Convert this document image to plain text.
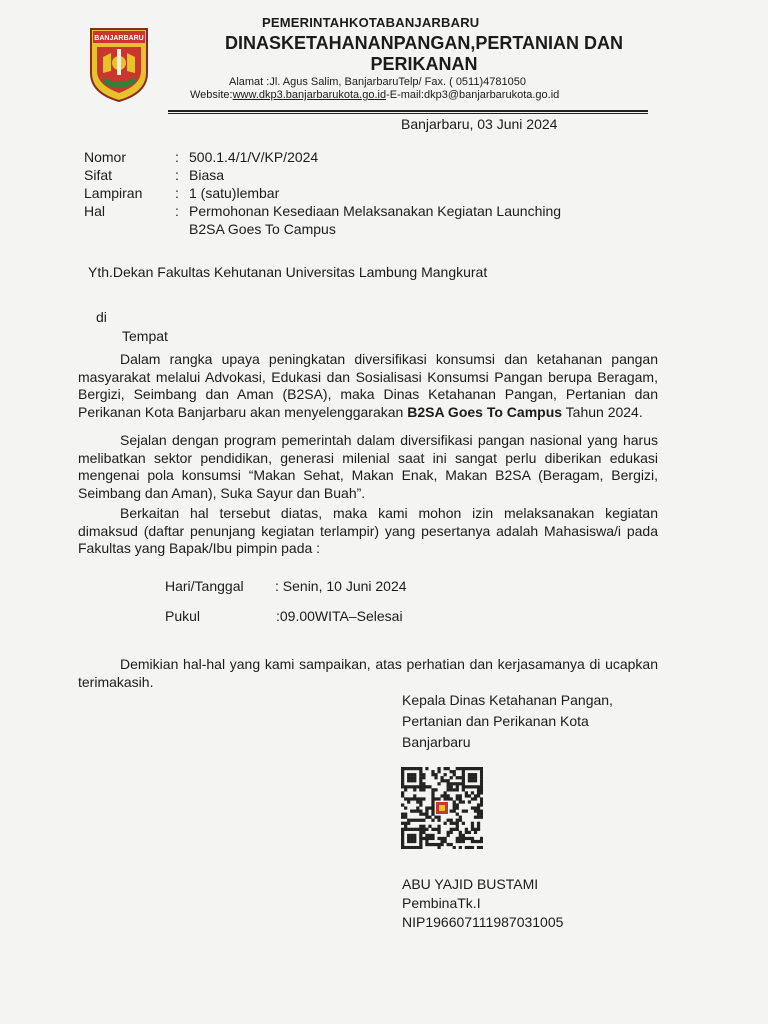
BANJARBARU
PEMERINTAHKOTABANJARBARU
DINASKETAHANANPANGAN,PERTANIAN DAN PERIKANAN
Alamat :Jl. Agus Salim, BanjarbaruTelp/ Fax. ( 0511)4781050
Website:www.dkp3.banjarbarukota.go.id-E-mail:dkp3@banjarbarukota.go.id
Banjarbaru, 03 Juni 2024
Nomor	: 500.1.4/1/V/KP/2024
Sifat	: Biasa
Lampiran : 1 (satu)lembar
Hal	: Permohonan Kesediaan Melaksanakan Kegiatan Launching
B2SA Goes To Campus
Yth.Dekan Fakultas Kehutanan Universitas Lambung Mangkurat
di
Tempat
Dalam rangka upaya peningkatan diversifikasi konsumsi dan ketahanan pangan masyarakat melalui Advokasi, Edukasi dan Sosialisasi Konsumsi Pangan berupa Beragam, Bergizi, Seimbang dan Aman (B2SA), maka Dinas Ketahanan Pangan, Pertanian dan Perikanan Kota Banjarbaru akan menyelenggarakan B2SA Goes To Campus Tahun 2024.
Sejalan dengan program pemerintah dalam diversifikasi pangan nasional yang harus melibatkan sektor pendidikan, generasi milenial saat ini sangat perlu diberikan edukasi mengenai pola konsumsi “Makan Sehat, Makan Enak, Makan B2SA (Beragam, Bergizi, Seimbang dan Aman), Suka Sayur dan Buah”.
Berkaitan hal tersebut diatas, maka kami mohon izin melaksanakan kegiatan dimaksud (daftar penunjang kegiatan terlampir) yang pesertanya adalah Mahasiswa/i pada Fakultas yang Bapak/Ibu pimpin pada :
Hari/Tanggal : Senin, 10 Juni 2024
Pukul	:09.00WITA–Selesai
Demikian hal-hal yang kami sampaikan, atas perhatian dan kerjasamanya di ucapkan terimakasih.
Kepala Dinas Ketahanan Pangan,
Pertanian dan Perikanan Kota
Banjarbaru
ABU YAJID BUSTAMI
PembinaTk.I
NIP196607111987031005
